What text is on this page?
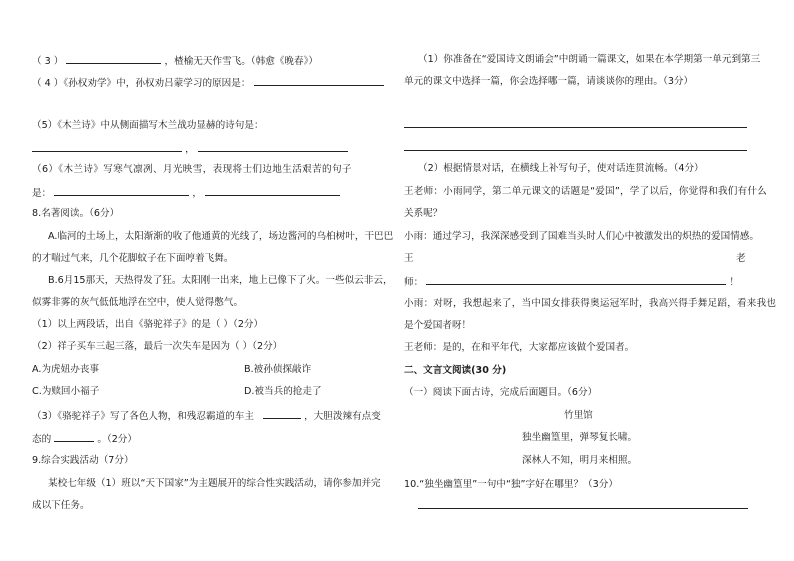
（ 3 ）	，楂榆无天作雪飞。（韩愈《晚春》）
（ 4 ）《孙权劝学》中，孙权劝吕蒙学习的原因是：
（5）《木兰诗》中从侧面描写木兰战功显赫的诗句是：
，
（6）《木兰诗》写寒气凛冽、月光映雪，表现将士们边地生活艰苦的句子
是：	，
8.名著阅读。（6分）
A.临河的土场上，太阳渐渐的收了他通黄的光线了，场边酱河的乌桕树叶，干巴巴
的才喘过气来，几个花脚蚊子在下面哼着飞舞。
B.6月15那天，天热得发了狂。太阳刚一出来，地上已像下了火。一些似云非云，
似雾非雾的灰气低低地浮在空中，使人觉得憋气。
（1）以上两段话，出自《骆驼祥子》的是（ ）（2分）
（2）祥子买车三起三落，最后一次失车是因为（ ）（2分）
A.为虎妞办丧事	B.被孙侦探敲诈
C.为赎回小福子	D.被当兵的抢走了
（3）《骆驼祥子》写了各色人物，和残忍霸道的车主	，大胆泼辣有点变
态的	。（2分）
9.综合实践活动（7分）
某校七年级（1）班以“天下国家”为主题展开的综合性实践活动，请你参加并完
成以下任务。
（1）你准备在“爱国诗文朗诵会”中朗诵一篇课文，如果在本学期第一单元到第三
单元的课文中选择一篇，你会选择哪一篇，请谈谈你的理由。（3分）
（2）根据情景对话，在横线上补写句子，使对话连贯流畅。（4分）
王老师：小雨同学，第二单元课文的话题是“爱国”，学了以后，你觉得和我们有什么
关系呢？
小雨：通过学习，我深深感受到了国难当头时人们心中被激发出的炽热的爱国情感。
王	老
师：	！
小雨：对呀，我想起来了，当中国女排获得奥运冠军时，我高兴得手舞足蹈，看来我也
是个爱国者呀！
王老师：是的，在和平年代，大家都应该做个爱国者。
二、文言文阅读(30 分)
（一）阅读下面古诗，完成后面题目。（6分）
竹里馆
独坐幽篁里，弹琴复长啸。
深林人不知，明月来相照。
10.“独坐幽篁里”一句中“独”字好在哪里？（3分）
